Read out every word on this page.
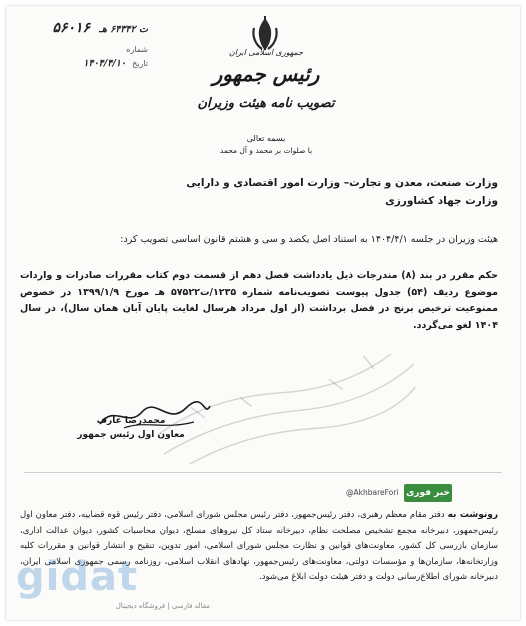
ت ۶۴۳۴۲ هـ   ۵۶۰۱۶
شماره
تاریخ  ۱۴۰۴/۴/۱۰
جمهوری اسلامی ایران
رئیس جمهور
تصویب نامه هیئت وزیران
بسمه تعالی
با صلوات بر محمد و آل محمد
وزارت صنعت، معدن و تجارت– وزارت امور اقتصادی و دارایی
وزارت جهاد کشاورزی
هیئت وزیران در جلسه ۱۴۰۴/۴/۱ به استناد اصل یکصد و سی و هشتم قانون اساسی تصویب کرد:
حکم مقرر در بند (۸) مندرجات ذیل یادداشت فصل دهم از قسمت دوم کتاب مقررات صادرات و واردات موضوع ردیف (۵۴) جدول پیوست تصویب‌نامه شماره ۱۲۳۵/ت۵۷۵۲۲ هـ مورخ ۱۳۹۹/۱/۹ در خصوص ممنوعیت ترخیص برنج در فصل برداشت (از اول مرداد هرسال لغایت پایان آبان همان سال)، در سال ۱۴۰۴ لغو می‌گردد.
محمدرضا عارف
معاون اول رئیس جمهور
@AkhbareFori خبر فوری
رونوشت به دفتر مقام معظم رهبری، دفتر رئیس‌جمهور، دفتر رئیس مجلس شورای اسلامی، دفتر رئیس قوه قضاییه، دفتر معاون اول رئیس‌جمهور، دبیرخانه مجمع تشخیص مصلحت نظام، دبیرخانه ستاد کل نیروهای مسلح، دیوان محاسبات کشور، دیوان عدالت اداری، سازمان بازرسی کل کشور، معاونت‌های قوانین و نظارت مجلس شورای اسلامی، امور تدوین، تنقیح و انتشار قوانین و مقررات کلیه وزارتخانه‌ها، سازمان‌ها و مؤسسات دولتی، معاونت‌های رئیس‌جمهور، نهادهای انقلاب اسلامی، روزنامه رسمی جمهوری اسلامی ایران، دبیرخانه شورای اطلاع‌رسانی دولت و دفتر هیئت دولت ابلاغ می‌شود.
gidat
مقاله فارسی | فروشگاه دیجیتال
